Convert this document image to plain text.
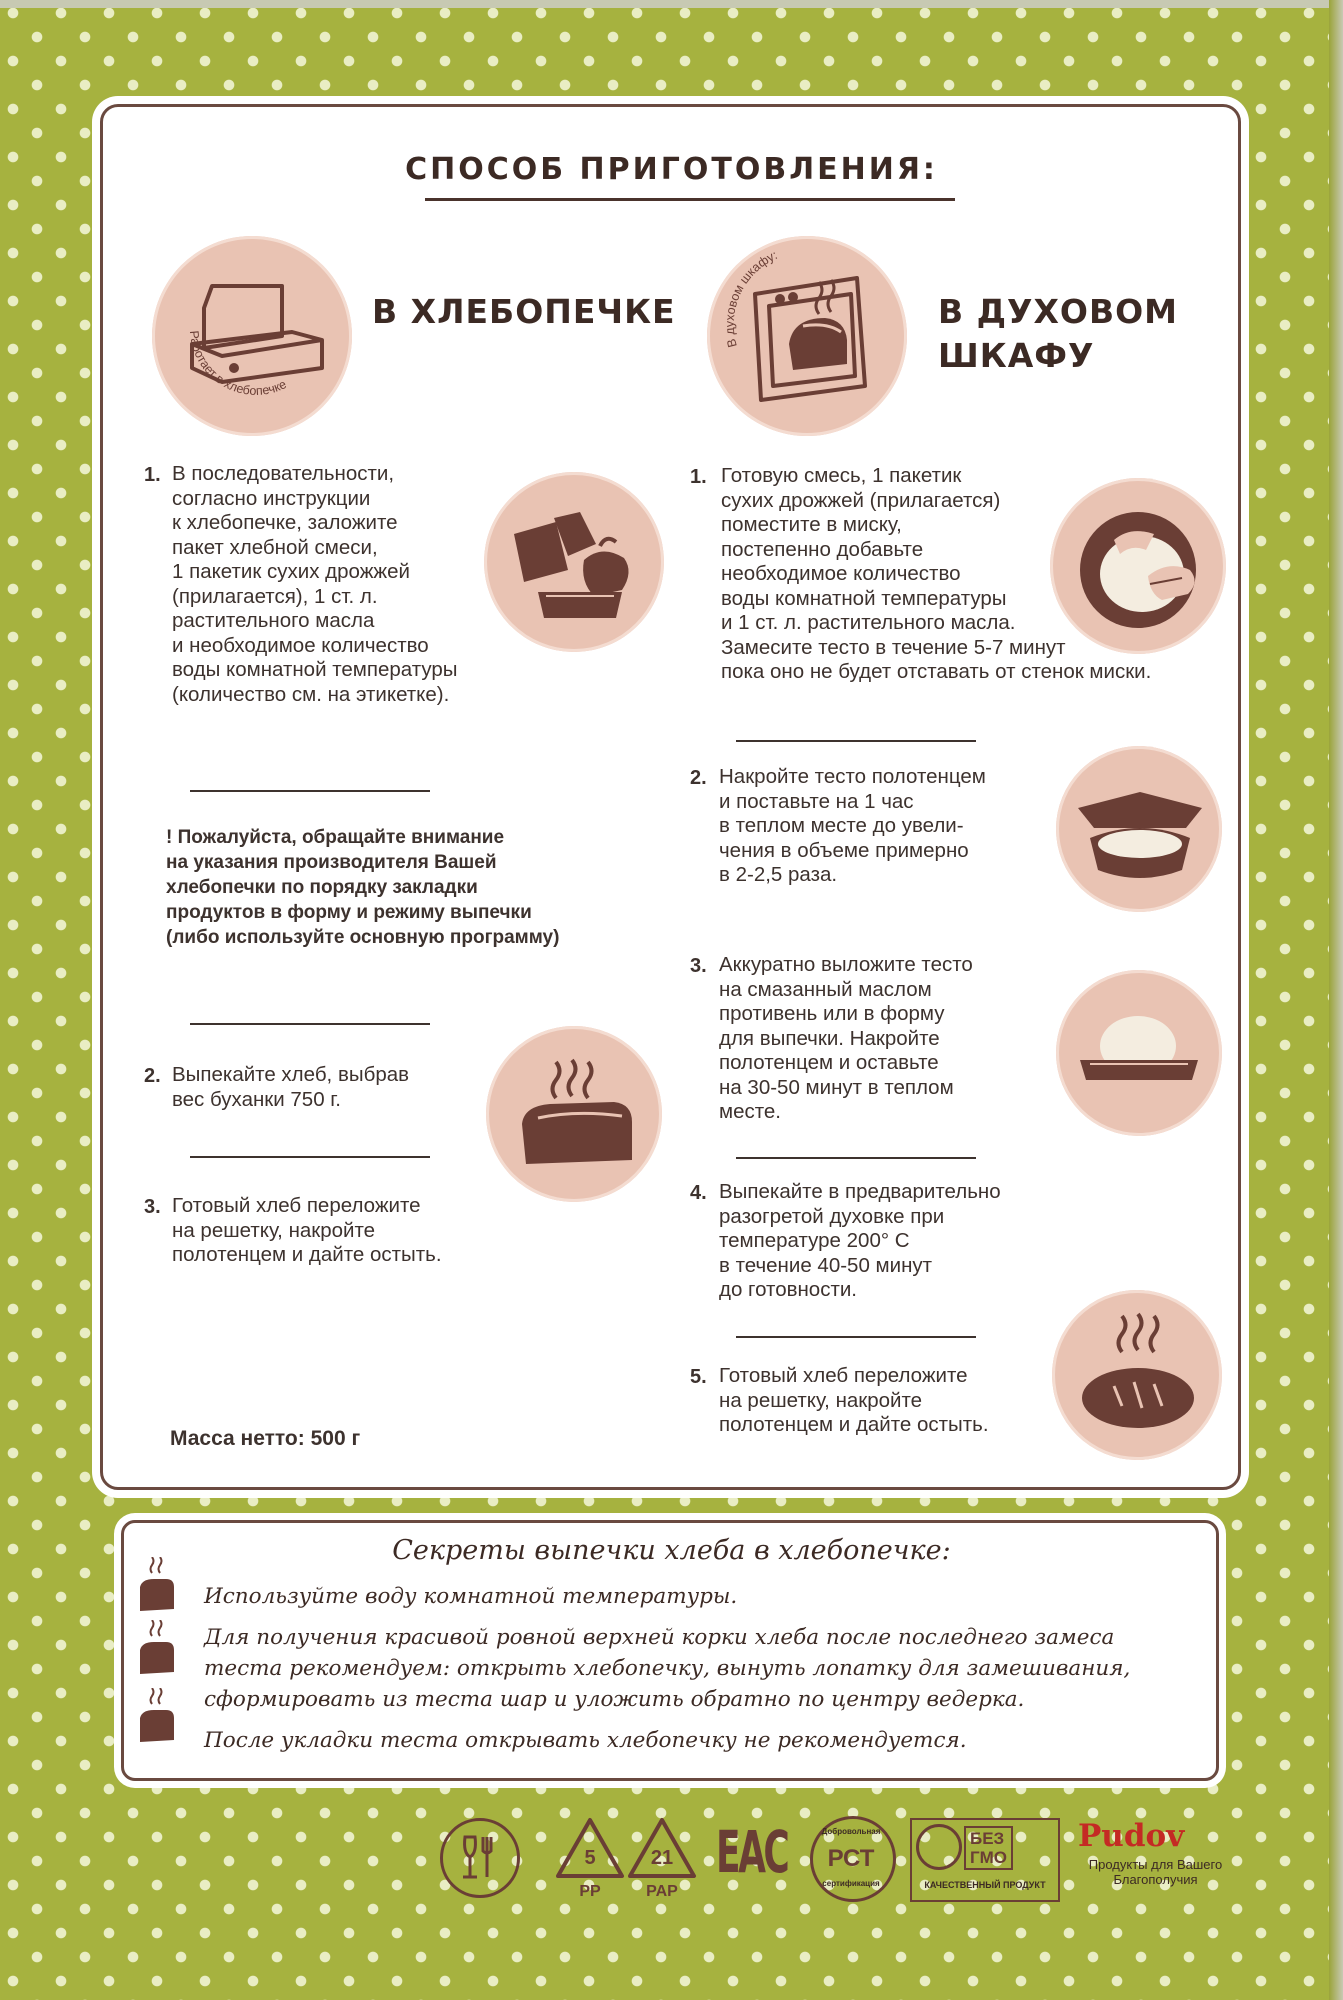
СПОСОБ ПРИГОТОВЛЕНИЯ:
Работает в хлебопечке
В ХЛЕБОПЕЧКЕ
В духовом шкафу:
В ДУХОВОМ
ШКАФУ
1. В последовательности,
согласно инструкции
к хлебопечке, заложите
пакет хлебной смеси,
1 пакетик сухих дрожжей
(прилагается), 1 ст. л.
растительного масла
и необходимое количество
воды комнатной температуры
(количество см. на этикетке).
! Пожалуйста, обращайте внимание
на указания производителя Вашей
хлебопечки по порядку закладки
продуктов в форму и режиму выпечки
(либо используйте основную программу)
2. Выпекайте хлеб, выбрав
вес буханки 750 г.
3. Готовый хлеб переложите
на решетку, накройте
полотенцем и дайте остыть.
Масса нетто: 500 г
1. Готовую смесь, 1 пакетик
сухих дрожжей (прилагается)
поместите в миску,
постепенно добавьте
необходимое количество
воды комнатной температуры
и 1 ст. л. растительного масла.
Замесите тесто в течение 5-7 минут
пока оно не будет отставать от стенок миски.
2. Накройте тесто полотенцем
и поставьте на 1 час
в теплом месте до увели-
чения в объеме примерно
в 2-2,5 раза.
3. Аккуратно выложите тесто
на смазанный маслом
противень или в форму
для выпечки. Накройте
полотенцем и оставьте
на 30-50 минут в теплом
месте.
4. Выпекайте в предварительно
разогретой духовке при
температуре 200° С
в течение 40-50 минут
до готовности.
5. Готовый хлеб переложите
на решетку, накройте
полотенцем и дайте остыть.
Секреты выпечки хлеба в хлебопечке:
Используйте воду комнатной температуры.
Для получения красивой ровной верхней корки хлеба после последнего замеса
теста рекомендуем: открыть хлебопечку, вынуть лопатку для замешивания,
сформировать из теста шар и уложить обратно по центру ведерка.
После укладки теста открывать хлебопечку не рекомендуется.
5
PP
21
PAP
EAC	Добровольная
РСТ
сертификация
БЕЗ
ГМО
КАЧЕСТВЕННЫЙ ПРОДУКТ
Pudov
Продукты для Вашего Благополучия
